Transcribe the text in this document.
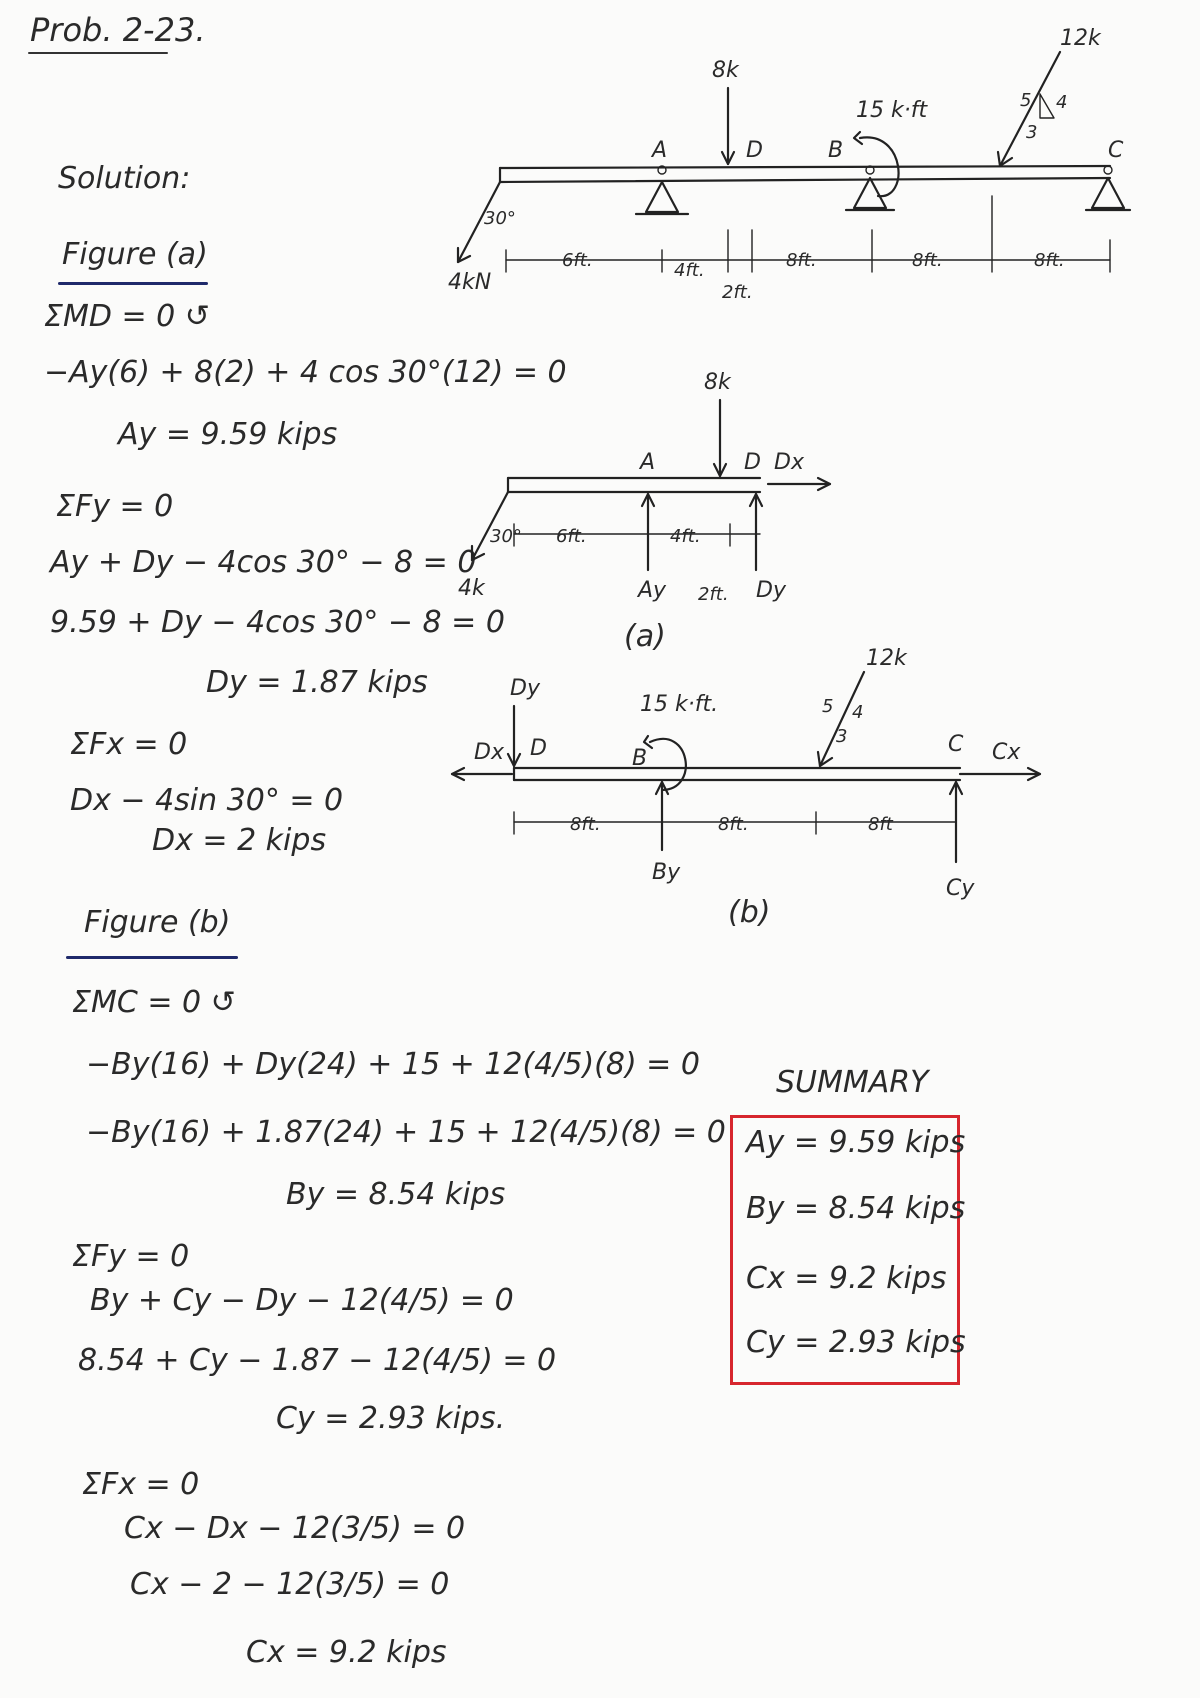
Prob. 2-23.
Solution:
Figure (a)
ΣMD = 0 ↺
−Ay(6) + 8(2) + 4 cos 30°(12) = 0
Ay = 9.59 kips
ΣFy = 0
Ay + Dy − 4cos 30° − 8 = 0
9.59 + Dy − 4cos 30° − 8 = 0
Dy = 1.87 kips
ΣFx = 0
Dx − 4sin 30° = 0
Dx = 2 kips
Figure (b)
ΣMC = 0 ↺
−By(16) + Dy(24) + 15 + 12(4/5)(8) = 0
−By(16) + 1.87(24) + 15 + 12(4/5)(8) = 0
By = 8.54 kips
ΣFy = 0
By + Cy − Dy − 12(4/5) = 0
8.54 + Cy − 1.87 − 12(4/5) = 0
Cy = 2.93 kips.
ΣFx = 0
Cx − Dx − 12(3/5) = 0
Cx − 2 − 12(3/5) = 0
Cx = 9.2 kips
SUMMARY
Ay = 9.59 kips
By = 8.54 kips
Cx = 9.2 kips
Cy = 2.93 kips
8k
15 k·ft
12k
4kN
5 4
3
30°
A	D	B	C
6ft.	4ft.
2ft.
8ft.	8ft.	8ft.
8k
A	D Dx
4k
30° 6ft.	4ft.
2ft.
Ay	Dy
(a)
Dy
Dx D
15 k·ft.
B
12k
5 4
3	C Cx
8ft.	8ft.	8ft
By
Cy
(b)
